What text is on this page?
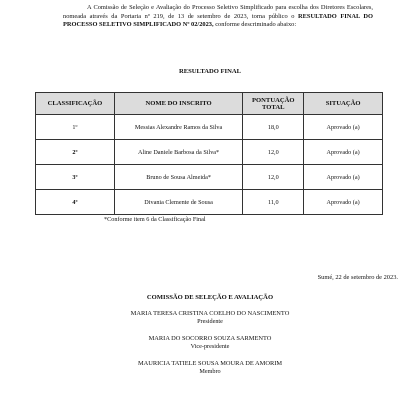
A Comissão de Seleção e Avaliação do Processo Seletivo Simplificado para escolha dos Diretores Escolares, nomeada através da Portaria nº 219, de 13 de setembro de 2023, torna público o RESULTADO FINAL DO PROCESSO SELETIVO SIMPLIFICADO Nº 02/2023, conforme descriminado abaixo:
RESULTADO FINAL
CLASSIFICAÇÃO	NOME DO INSCRITO	PONTUAÇÃO TOTAL	SITUAÇÃO
1º	Messias Alexandre Ramos da Silva	18,0	Aprovado (a)
2º	Aline Daniele Barbosa da Silva*	12,0	Aprovado (a)
3º	Bruno de Sousa Almeida*	12,0	Aprovado (a)
4º	Divania Clemente de Sousa	11,0	Aprovado (a)
*Conforme item 6 da Classificação Final
Sumé, 22 de setembro de 2023.
COMISSÃO DE SELEÇÃO E AVALIAÇÃO
MARIA TERESA CRISTINA COELHO DO NASCIMENTO
Presidente
MARIA DO SOCORRO SOUZA SARMENTO
Vice-presidente
MAURICIA TATIELE SOUSA MOURA DE AMORIM
Membro
